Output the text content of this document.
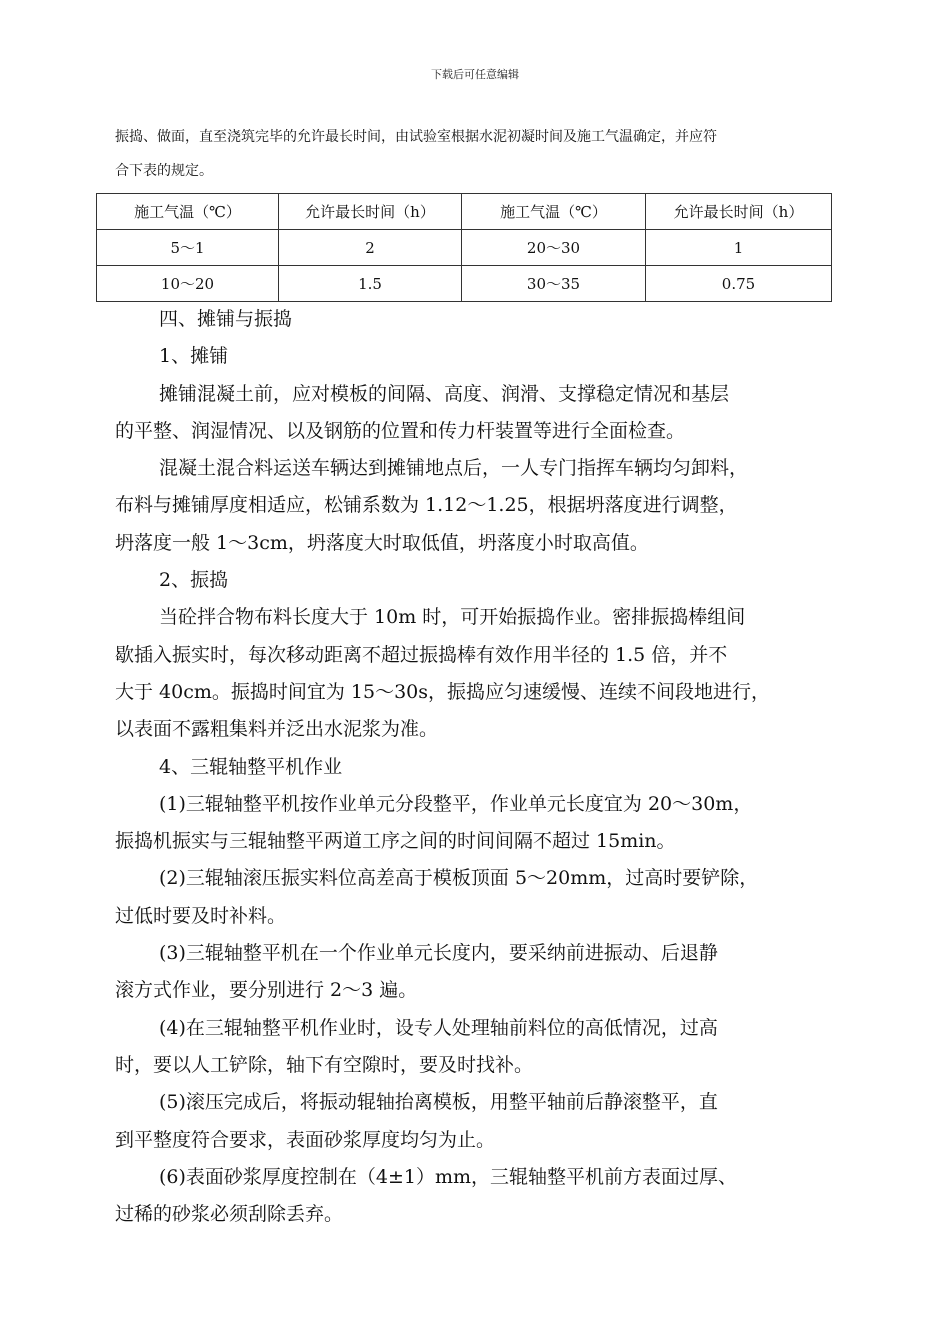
下载后可任意编辑

振捣、做面，直至浇筑完毕的允许最长时间，由试验室根据水泥初凝时间及施工气温确定，并应符

合下表的规定。

施工气温（℃）	允许最长时间（h）	施工气温（℃）	允许最长时间（h）
5～1	2	20～30	1
10～20	1.5	30～35	0.75

四、摊铺与振捣

1、摊铺

摊铺混凝土前，应对模板的间隔、高度、润滑、支撑稳定情况和基层

的平整、润湿情况、以及钢筋的位置和传力杆装置等进行全面检查。

混凝土混合料运送车辆达到摊铺地点后，一人专门指挥车辆均匀卸料，

布料与摊铺厚度相适应，松铺系数为 1.12～1.25，根据坍落度进行调整，

坍落度一般 1～3cm，坍落度大时取低值，坍落度小时取高值。

2、振捣

当砼拌合物布料长度大于 10m 时，可开始振捣作业。密排振捣棒组间

歇插入振实时，每次移动距离不超过振捣棒有效作用半径的 1.5 倍，并不

大于 40cm。振捣时间宜为 15～30s，振捣应匀速缓慢、连续不间段地进行，

以表面不露粗集料并泛出水泥浆为准。

4、三辊轴整平机作业

(1)三辊轴整平机按作业单元分段整平，作业单元长度宜为 20～30m，

振捣机振实与三辊轴整平两道工序之间的时间间隔不超过 15min。

(2)三辊轴滚压振实料位高差高于模板顶面 5～20mm，过高时要铲除，

过低时要及时补料。

(3)三辊轴整平机在一个作业单元长度内，要采纳前进振动、后退静

滚方式作业，要分别进行 2～3 遍。

(4)在三辊轴整平机作业时，设专人处理轴前料位的高低情况，过高

时，要以人工铲除，轴下有空隙时，要及时找补。

(5)滚压完成后，将振动辊轴抬离模板，用整平轴前后静滚整平，直

到平整度符合要求，表面砂浆厚度均匀为止。

(6)表面砂浆厚度控制在（4±1）mm，三辊轴整平机前方表面过厚、

过稀的砂浆必须刮除丢弃。
